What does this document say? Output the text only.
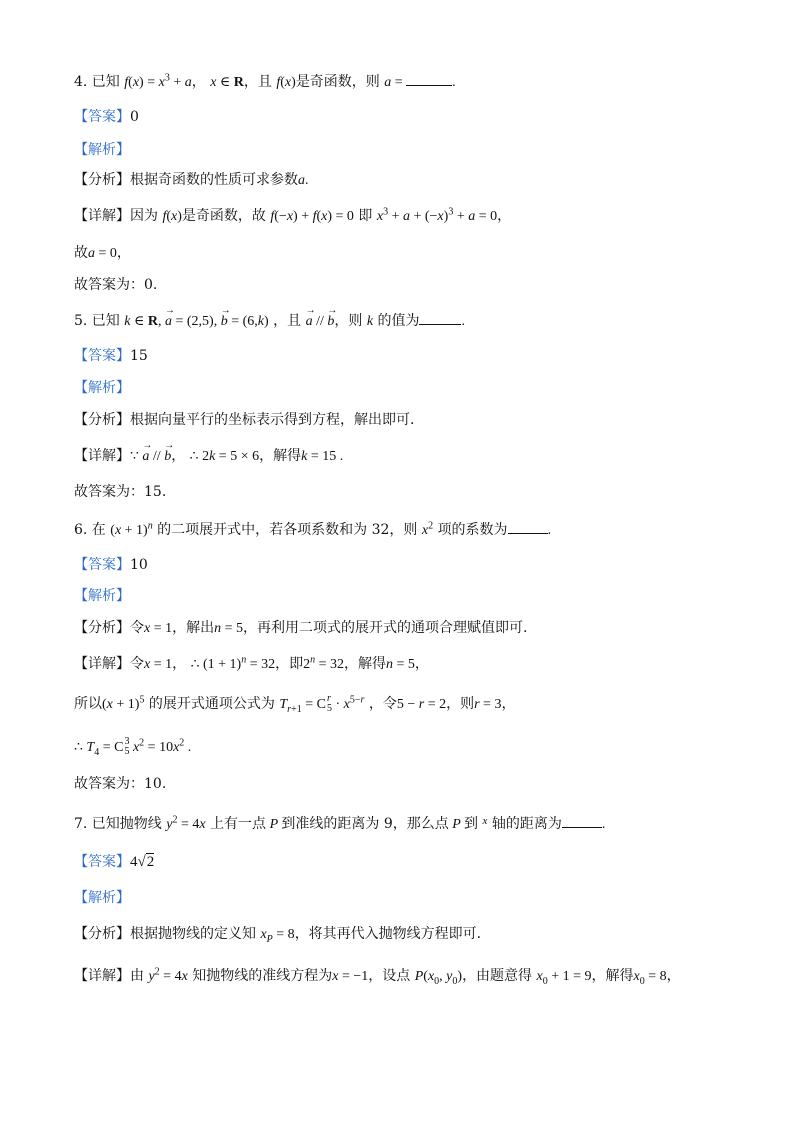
4. 已知 $f(x) = x^3 + a$， x ∈ R，且 f(x)是奇函数，则 a =	.
【答案】0
【解析】
【分析】根据奇函数的性质可求参数a.
【详解】因为 f(x)是奇函数，故 f(−x) + f(x) = 0 即 $x^3 + a + (-x)^3 + a = 0$，
故a = 0，
故答案为：0.
5. 已知 k ∈ R, a → = (2,5), b → = (6,k) ，且 a → // b →，则 k 的值为	.
【答案】15
【解析】
【分析】根据向量平行的坐标表示得到方程，解出即可.
【详解】∵ a → // b →， ∴ 2k = 5 × 6，解得k = 15 .
故答案为：15.
6. 在 $(x + 1)^n$ 的二项展开式中，若各项系数和为 32，则 $x^2$ 项的系数为	.
【答案】10
【解析】
【分析】令x = 1，解出n = 5，再利用二项式的展开式的通项合理赋值即可.
【详解】令x = 1， ∴ $(1 + 1)^n = 32$，即$2^n = 32$，解得n = 5，
所以$(x + 1)^5$ 的展开式通项公式为 $T_{r+1} = C$ r
$5 \cdot x^{5-r}$ ，令5 − r = 2，则r = 3，
∴ $T_4 = C$ 3
5 $x^2 = 10x^2$ .
故答案为：10.
7. 已知抛物线 $y^2 = 4x$ 上有一点 P 到准线的距离为 9，那么点 P 到 $^x$ 轴的距离为	.
【答案】4√2
【解析】
【分析】根据抛物线的定义知 $x_P = 8$，将其再代入抛物线方程即可.
【详解】由 $y^2 = 4x$ 知抛物线的准线方程为x = −1，设点 $P(x_0$, $y_0$)，由题意得 $x_0 + 1 = 9$，解得$x_0 = 8$，
